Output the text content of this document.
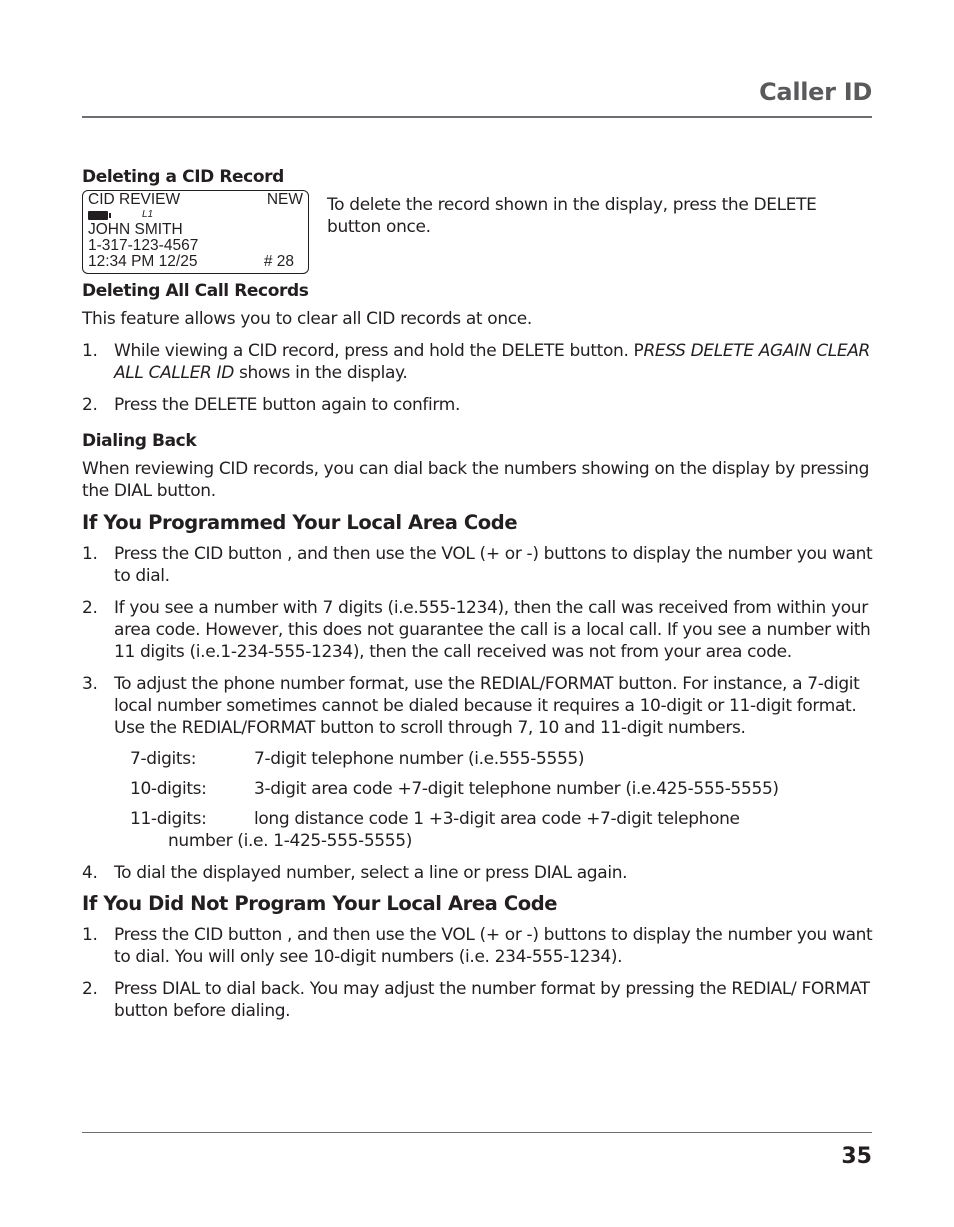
Caller ID
Deleting a CID Record
CID REVIEW	NEW
L1
JOHN SMITH
1-317-123-4567
12:34 PM 12/25	# 28

To delete the record shown in the display, press the DELETE button once.

Deleting All Call Records

This feature allows you to clear all CID records at once.

1. While viewing a CID record, press and hold the DELETE button. PRESS DELETE AGAIN CLEAR ALL CALLER ID shows in the display.
2. Press the DELETE button again to confirm.
Dialing Back

When reviewing CID records, you can dial back the numbers showing on the display by pressing the DIAL button.

If You Programmed Your Local Area Code
1. Press the CID button , and then use the VOL (+ or -) buttons to display the number you want to dial.
2. If you see a number with 7 digits (i.e.555-1234), then the call was received from within your area code. However, this does not guarantee the call is a local call. If you see a number with 11 digits (i.e.1-234-555-1234), then the call received was not from your area code.
3. To adjust the phone number format, use the REDIAL/FORMAT button. For instance, a 7-digit local number sometimes cannot be dialed because it requires a 10-digit or 11-digit format. Use the REDIAL/FORMAT button to scroll through 7, 10 and 11-digit numbers.
7-digits:	7-digit telephone number (i.e.555-5555)
10-digits:	3-digit area code +7-digit telephone number (i.e.425-555-5555)
11-digits:	long distance code 1 +3-digit area code +7-digit telephone
number (i.e. 1-425-555-5555)
4. To dial the displayed number, select a line or press DIAL again.
If You Did Not Program Your Local Area Code
1. Press the CID button , and then use the VOL (+ or -) buttons to display the number you want to dial. You will only see 10-digit numbers (i.e. 234-555-1234).
2. Press DIAL to dial back. You may adjust the number format by pressing the REDIAL/ FORMAT button before dialing.
35
